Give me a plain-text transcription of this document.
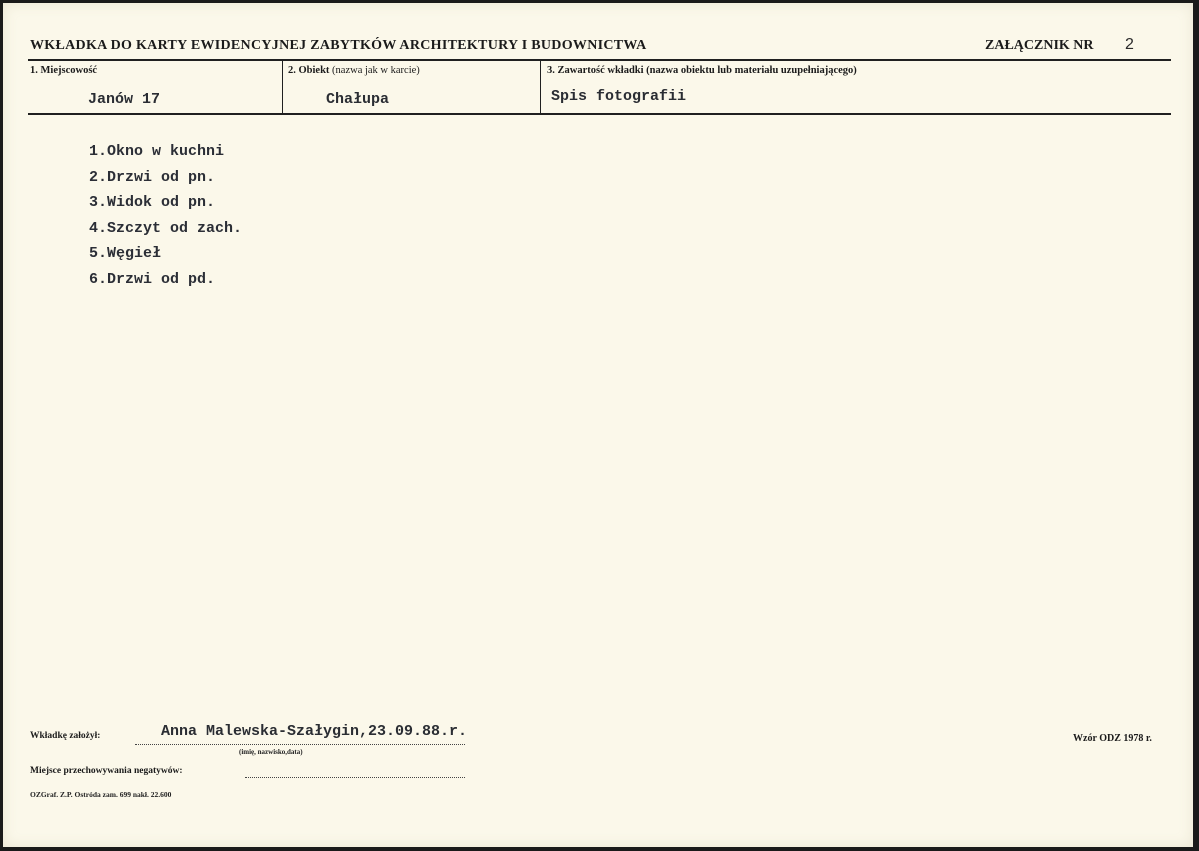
WKŁADKA DO KARTY EWIDENCYJNEJ ZABYTKÓW ARCHITEKTURY I BUDOWNICTWA	ZAŁĄCZNIK NR 2
1. Miejscowość
Janów 17
2. Obiekt (nazwa jak w karcie)
Chałupa
3. Zawartość wkładki (nazwa obiektu lub materiału uzupełniającego)
Spis fotografii
1.Okno w kuchni
2.Drzwi od pn.
3.Widok od pn.
4.Szczyt od zach.
5.Węgieł
6.Drzwi od pd.
Wkładkę założył:	Anna Malewska-Szałygin,23.09.88.r.
(imię, nazwisko,data)
Miejsce przechowywania negatywów:
OZGraf. Z.P. Ostróda zam. 699 nakł. 22.600
Wzór ODZ 1978 r.
